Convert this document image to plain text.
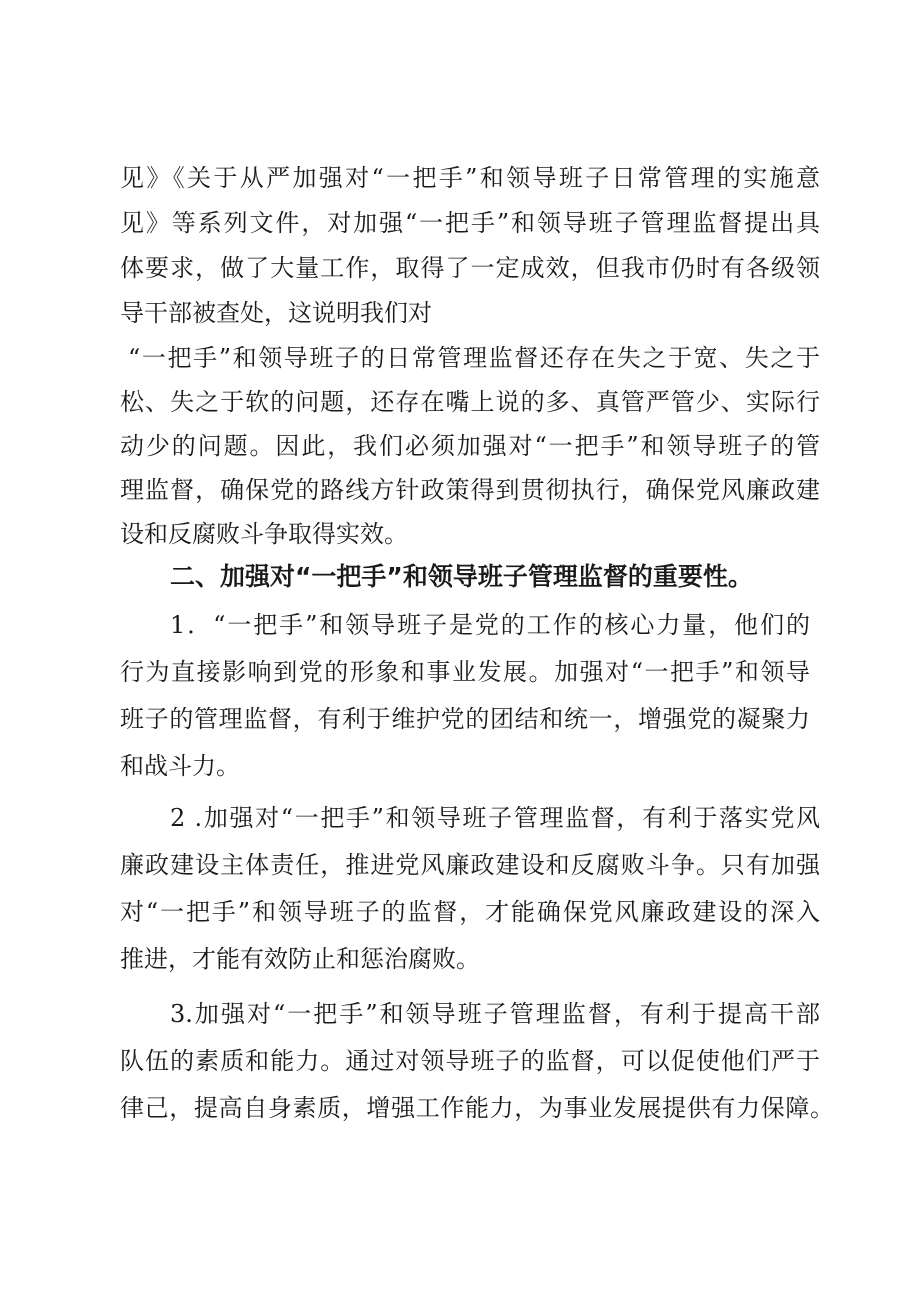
见》《关于从严加强对“一把手”和领导班子日常管理的实施意
见》等系列文件，对加强“一把手”和领导班子管理监督提出具
体要求，做了大量工作，取得了一定成效，但我市仍时有各级领
导干部被查处，这说明我们对
“一把手”和领导班子的日常管理监督还存在失之于宽、失之于
松、失之于软的问题，还存在嘴上说的多、真管严管少、实际行
动少的问题。因此，我们必须加强对“一把手”和领导班子的管
理监督，确保党的路线方针政策得到贯彻执行，确保党风廉政建
设和反腐败斗争取得实效。
二、加强对“一把手”和领导班子管理监督的重要性。
1．“一把手”和领导班子是党的工作的核心力量，他们的
行为直接影响到党的形象和事业发展。加强对“一把手”和领导
班子的管理监督，有利于维护党的团结和统一，增强党的凝聚力
和战斗力。
2 .加强对“一把手”和领导班子管理监督，有利于落实党风
廉政建设主体责任，推进党风廉政建设和反腐败斗争。只有加强
对“一把手”和领导班子的监督，才能确保党风廉政建设的深入
推进，才能有效防止和惩治腐败。
3.加强对“一把手”和领导班子管理监督，有利于提高干部
队伍的素质和能力。通过对领导班子的监督，可以促使他们严于
律己，提高自身素质，增强工作能力，为事业发展提供有力保障。
